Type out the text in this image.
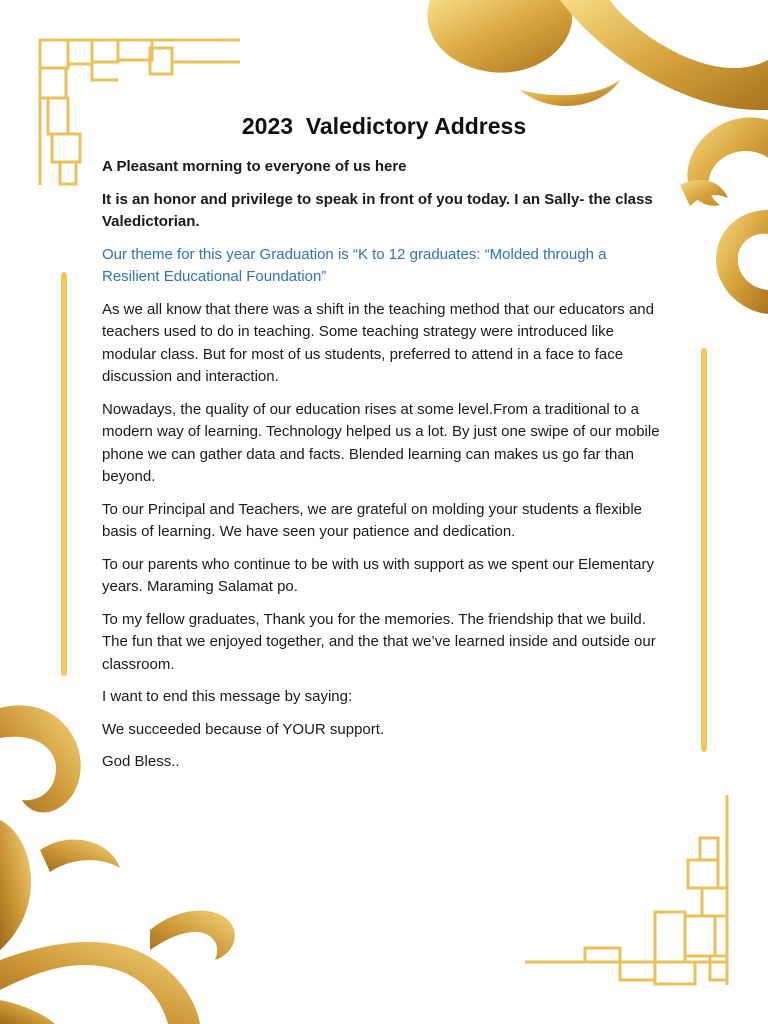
2023  Valedictory Address

A Pleasant morning to everyone of us here

It is an honor and privilege to speak in front of you today. I an Sally- the class Valedictorian.

Our theme for this year Graduation is “K to 12 graduates: “Molded through a Resilient Educational Foundation”

As we all know that there was a shift in the teaching method that our educators and teachers used to do in teaching. Some teaching strategy were introduced like modular class. But for most of us students, preferred to attend in a face to face discussion and interaction.

Nowadays, the quality of our education rises at some level.From a traditional to a modern way of learning. Technology helped us a lot. By just one swipe of our mobile phone we can gather data and facts. Blended learning can makes us go far than beyond.

To our Principal and Teachers, we are grateful on molding your students a flexible basis of learning. We have seen your patience and dedication.

To our parents who continue to be with us with support as we spent our Elementary years. Maraming Salamat po.

To my fellow graduates, Thank you for the memories. The friendship that we build. The fun that we enjoyed together, and the that we’ve learned inside and outside our classroom.

I want to end this message by saying:

We succeeded because of YOUR support.

God Bless..
